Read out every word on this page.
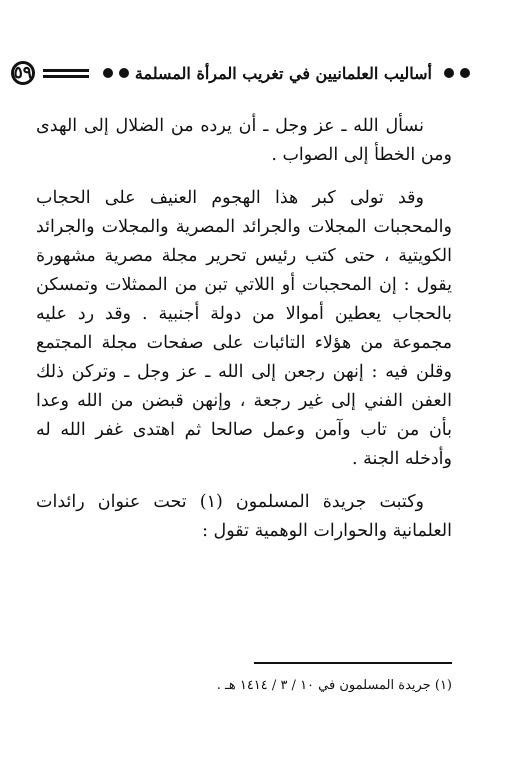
أساليب العلمانيين في تغريب المرأة المسلمة
٥٩

نسأل الله ـ عز وجل ـ أن يرده من الضلال إلى الهدى ومن الخطأ إلى الصواب .

وقد تولى كبر هذا الهجوم العنيف على الحجاب والمحجبات المجلات والجرائد المصرية والمجلات والجرائد الكويتية ، حتى كتب رئيس تحرير مجلة مصرية مشهورة يقول : إن المحجبات أو اللاتي تبن من الممثلات وتمسكن بالحجاب يعطين أموالا من دولة أجنبية . وقد رد عليه مجموعة من هؤلاء التائبات على صفحات مجلة المجتمع وقلن فيه : إنهن رجعن إلى الله ـ عز وجل ـ وتركن ذلك العفن الفني إلى غير رجعة ، وإنهن قبضن من الله وعدا بأن من تاب وآمن وعمل صالحا ثم اهتدى غفر الله له وأدخله الجنة .

وكتبت جريدة المسلمون (١) تحت عنوان رائدات العلمانية والحوارات الوهمية تقول :

(١) جريدة المسلمون في ١٠ / ٣ / ١٤١٤ هـ .
